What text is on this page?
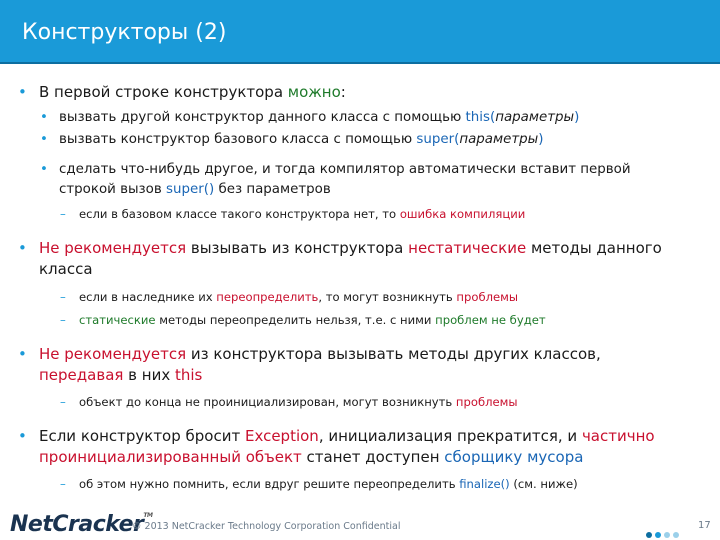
Конструкторы (2)
• В первой строке конструктора можно:
• вызвать другой конструктор данного класса с помощью this(параметры)
• вызвать конструктор базового класса с помощью super(параметры)
• сделать что-нибудь другое, и тогда компилятор автоматически вставит первой
строкой вызов super() без параметров
– если в базовом классе такого конструктора нет, то ошибка компиляции
• Не рекомендуется вызывать из конструктора нестатические методы данного
класса
– если в наследнике их переопределить, то могут возникнуть проблемы
– статические методы переопределить нельзя, т.е. с ними проблем не будет
• Не рекомендуется из конструктора вызывать методы других классов,
передавая в них this
– объект до конца не проинициализирован, могут возникнуть проблемы
• Если конструктор бросит Exception, инициализация прекратится, и частично
проинициализированный объект станет доступен сборщику мусора
– об этом нужно помнить, если вдруг решите переопределить finalize() (см. ниже)
NetCracker™
© 2013 NetCracker Technology Corporation Confidential	17
